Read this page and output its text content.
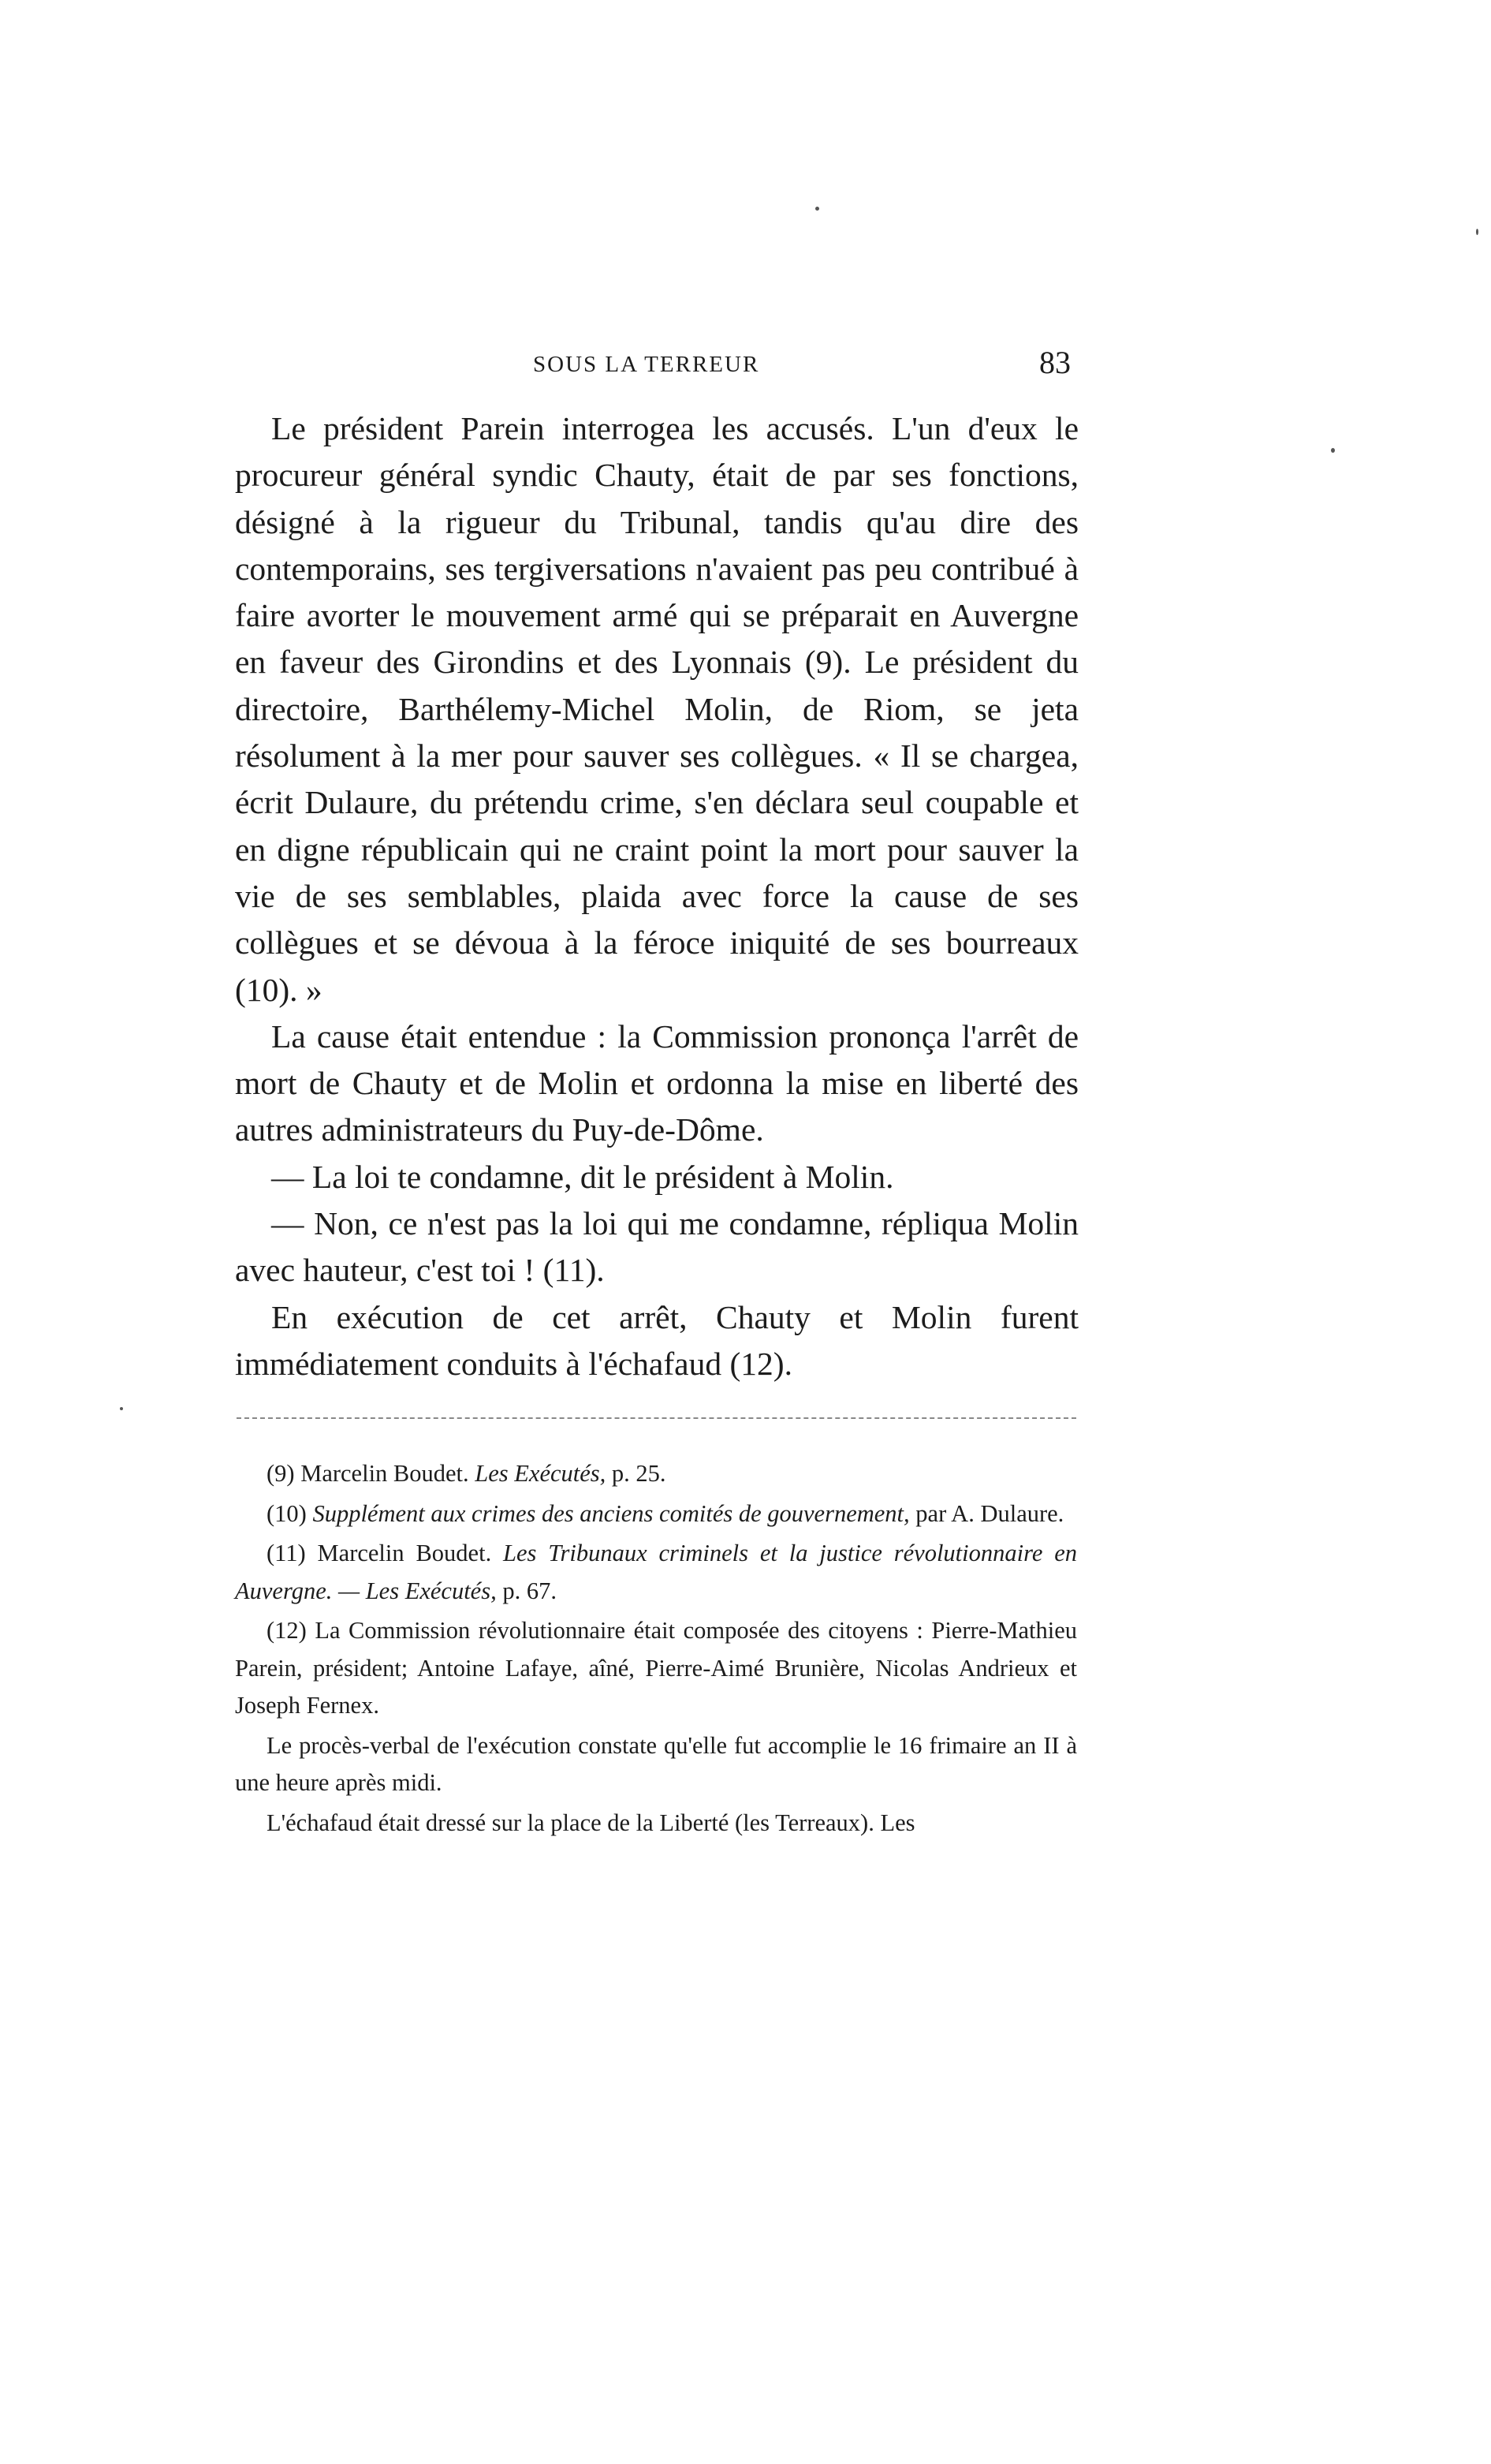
SOUS LA TERREUR	83

Le président Parein interrogea les accusés. L'un d'eux le procureur général syndic Chauty, était de par ses fonctions, désigné à la rigueur du Tribunal, tandis qu'au dire des contemporains, ses tergiversations n'avaient pas peu contribué à faire avorter le mouvement armé qui se préparait en Auvergne en faveur des Girondins et des Lyonnais (9). Le président du directoire, Barthélemy-Michel Molin, de Riom, se jeta résolument à la mer pour sauver ses collègues. « Il se chargea, écrit Dulaure, du prétendu crime, s'en déclara seul coupable et en digne républicain qui ne craint point la mort pour sauver la vie de ses semblables, plaida avec force la cause de ses collègues et se dévoua à la féroce iniquité de ses bourreaux (10). »

La cause était entendue : la Commission prononça l'arrêt de mort de Chauty et de Molin et ordonna la mise en liberté des autres administrateurs du Puy-de-Dôme.

— La loi te condamne, dit le président à Molin.

— Non, ce n'est pas la loi qui me condamne, répliqua Molin avec hauteur, c'est toi ! (11).

En exécution de cet arrêt, Chauty et Molin furent immédiatement conduits à l'échafaud (12).

(9) Marcelin Boudet. Les Exécutés, p. 25.

(10) Supplément aux crimes des anciens comités de gouvernement, par A. Dulaure.

(11) Marcelin Boudet. Les Tribunaux criminels et la justice révolutionnaire en Auvergne. — Les Exécutés, p. 67.

(12) La Commission révolutionnaire était composée des citoyens : Pierre-Mathieu Parein, président; Antoine Lafaye, aîné, Pierre-Aimé Brunière, Nicolas Andrieux et Joseph Fernex.

Le procès-verbal de l'exécution constate qu'elle fut accomplie le 16 frimaire an II à une heure après midi.

L'échafaud était dressé sur la place de la Liberté (les Terreaux). Les
